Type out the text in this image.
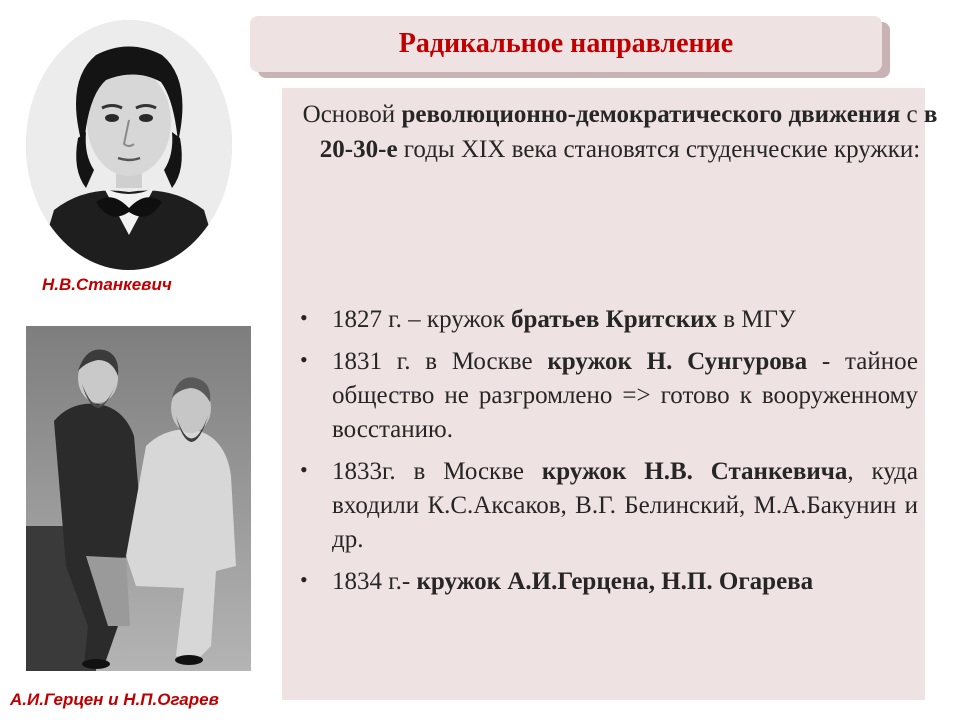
Радикальное направление
Н.В.Станкевич
А.И.Герцен и Н.П.Огарев
Основой революционно-демократического движения с в 20-30-е годы XIX века становятся студенческие кружки:
• 1827 г. – кружок братьев Критских в МГУ
• 1831 г. в Москве кружок Н. Сунгурова - тайное общество не разгромлено => готово к вооруженному восстанию.
• 1833г. в Москве кружок Н.В. Станкевича, куда входили К.С.Аксаков, В.Г. Белинский, М.А.Бакунин и др.
• 1834 г.- кружок А.И.Герцена, Н.П. Огарева
